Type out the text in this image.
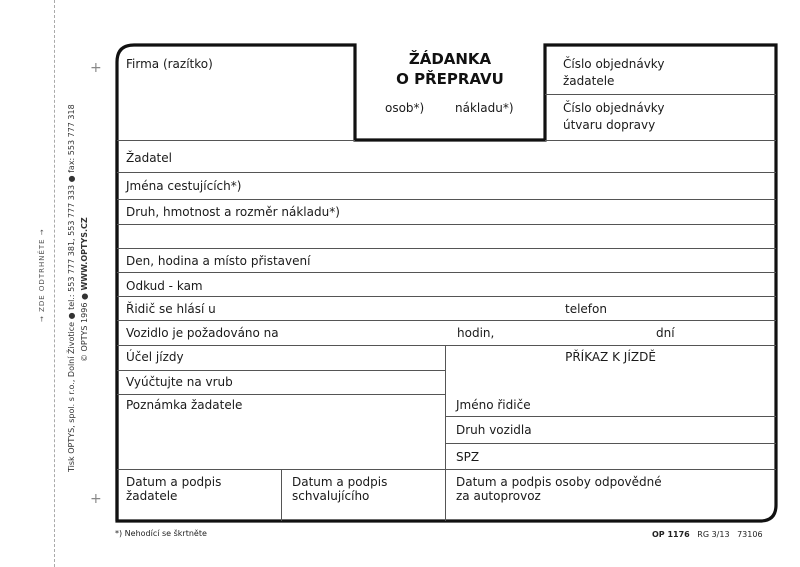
+
+
→ ZDE ODTRHNĚTE →	Tisk OPTYS, spol. s r.o., Dolní Životice ● tel.: 553 777 381, 553 777 333 ● fax: 553 777 318 © OPTYS 1996 ● WWW.OPTYS.CZ
ŽÁDANKA
O PŘEPRAVU
osob*)	nákladu*)
Firma (razítko)	Číslo objednávky
žadatele
Číslo objednávky
útvaru dopravy
Žadatel
Jména cestujících*)
Druh, hmotnost a rozměr nákladu*)
Den, hodina a místo přistavení
Odkud - kam
Řidič se hlásí u	telefon
Vozidlo je požadováno na	hodin,	dní
Účel jízdy
Vyúčtujte na vrub
Poznámka žadatele
PŘÍKAZ K JÍZDĚ
Jméno řidiče
Druh vozidla
SPZ
Datum a podpis
žadatele
Datum a podpis
schvalujícího
Datum a podpis osoby odpovědné
za autoprovoz
*) Nehodící se škrtněte	OP 1176 RG 3/13 73106
